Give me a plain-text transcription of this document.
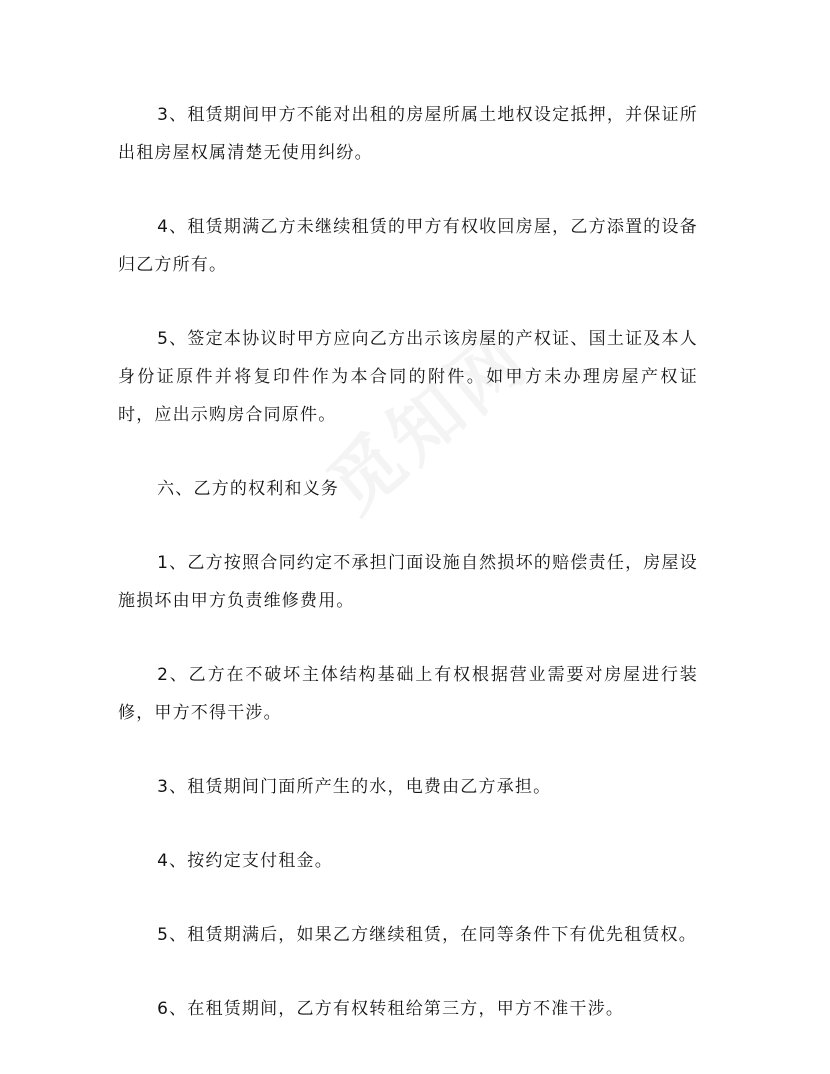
3、租赁期间甲方不能对出租的房屋所属土地权设定抵押，并保证所出租房屋权属清楚无使用纠纷。

4、租赁期满乙方未继续租赁的甲方有权收回房屋，乙方添置的设备归乙方所有。

5、签定本协议时甲方应向乙方出示该房屋的产权证、国土证及本人身份证原件并将复印件作为本合同的附件。如甲方未办理房屋产权证时，应出示购房合同原件。

六、乙方的权利和义务

1、乙方按照合同约定不承担门面设施自然损坏的赔偿责任，房屋设施损坏由甲方负责维修费用。

2、乙方在不破坏主体结构基础上有权根据营业需要对房屋进行装修，甲方不得干涉。

3、租赁期间门面所产生的水，电费由乙方承担。

4、按约定支付租金。

5、租赁期满后，如果乙方继续租赁，在同等条件下有优先租赁权。

6、在租赁期间，乙方有权转租给第三方，甲方不准干涉。
